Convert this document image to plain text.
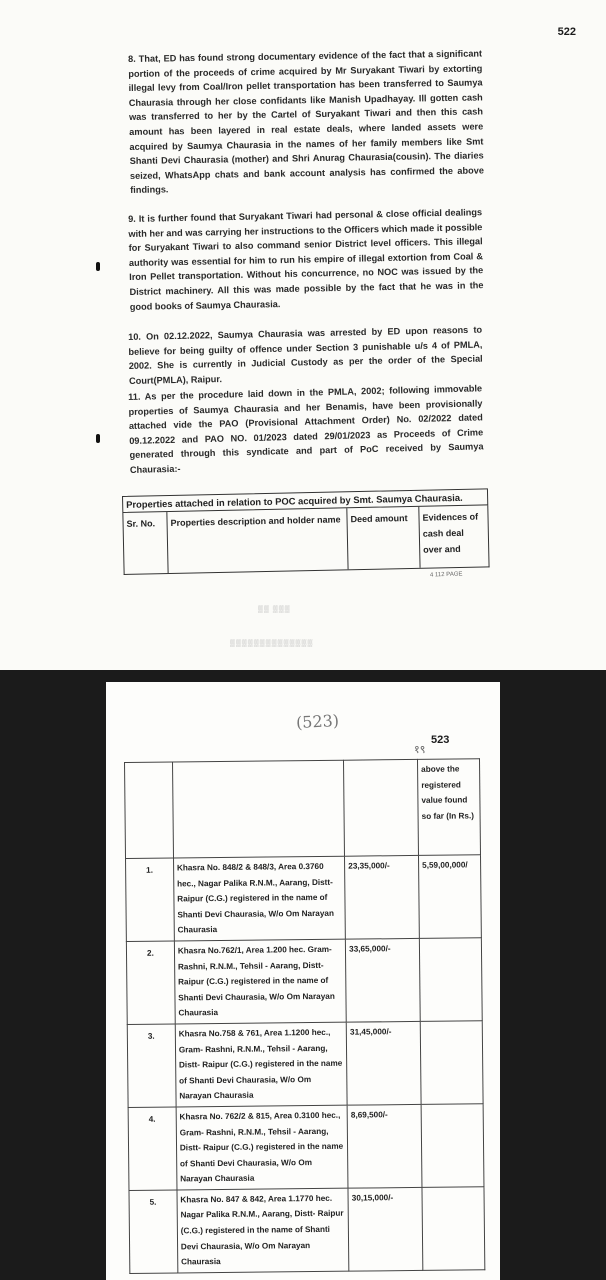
522
8. That, ED has found strong documentary evidence of the fact that a significant portion of the proceeds of crime acquired by Mr Suryakant Tiwari by extorting illegal levy from Coal/Iron pellet transportation has been transferred to Saumya Chaurasia through her close confidants like Manish Upadhayay. Ill gotten cash was transferred to her by the Cartel of Suryakant Tiwari and then this cash amount has been layered in real estate deals, where landed assets were acquired by Saumya Chaurasia in the names of her family members like Smt Shanti Devi Chaurasia (mother) and Shri Anurag Chaurasia(cousin). The diaries seized, WhatsApp chats and bank account analysis has confirmed the above findings.
9. It is further found that Suryakant Tiwari had personal & close official dealings with her and was carrying her instructions to the Officers which made it possible for Suryakant Tiwari to also command senior District level officers. This illegal authority was essential for him to run his empire of illegal extortion from Coal & Iron Pellet transportation. Without his concurrence, no NOC was issued by the District machinery. All this was made possible by the fact that he was in the good books of Saumya Chaurasia.
10. On 02.12.2022, Saumya Chaurasia was arrested by ED upon reasons to believe for being guilty of offence under Section 3 punishable u/s 4 of PMLA, 2002. She is currently in Judicial Custody as per the order of the Special Court(PMLA), Raipur.
11. As per the procedure laid down in the PMLA, 2002; following immovable properties of Saumya Chaurasia and her Benamis, have been provisionally attached vide the PAO (Provisional Attachment Order) No. 02/2022 dated 09.12.2022 and PAO NO. 01/2023 dated 29/01/2023 as Proceeds of Crime generated through this syndicate and part of PoC received by Saumya Chaurasia:-
Properties attached in relation to POC acquired by Smt. Saumya Chaurasia.
Sr. No.	Properties description and holder name	Deed amount	Evidences of cash deal over and
4 112 PAGE
▒▒ ▒▒▒
▒▒▒▒▒▒▒▒▒▒▒▒▒▒
(523)
१९
523
			above the registered value found so far (In Rs.)
1.	Khasra No. 848/2 & 848/3, Area 0.3760 hec., Nagar Palika R.N.M., Aarang, Distt- Raipur (C.G.) registered in the name of Shanti Devi Chaurasia, W/o Om Narayan Chaurasia	23,35,000/-	5,59,00,000/
2.	Khasra No.762/1, Area 1.200 hec. Gram- Rashni, R.N.M., Tehsil - Aarang, Distt- Raipur (C.G.) registered in the name of Shanti Devi Chaurasia, W/o Om Narayan Chaurasia	33,65,000/-	
3.	Khasra No.758 & 761, Area 1.1200 hec., Gram- Rashni, R.N.M., Tehsil - Aarang, Distt- Raipur (C.G.) registered in the name of Shanti Devi Chaurasia, W/o Om Narayan Chaurasia	31,45,000/-	
4.	Khasra No. 762/2 & 815, Area 0.3100 hec., Gram- Rashni, R.N.M., Tehsil - Aarang, Distt- Raipur (C.G.) registered in the name of Shanti Devi Chaurasia, W/o Om Narayan Chaurasia	8,69,500/-	
5.	Khasra No. 847 & 842, Area 1.1770 hec. Nagar Palika R.N.M., Aarang, Distt- Raipur (C.G.) registered in the name of Shanti Devi Chaurasia, W/o Om Narayan Chaurasia	30,15,000/-	
